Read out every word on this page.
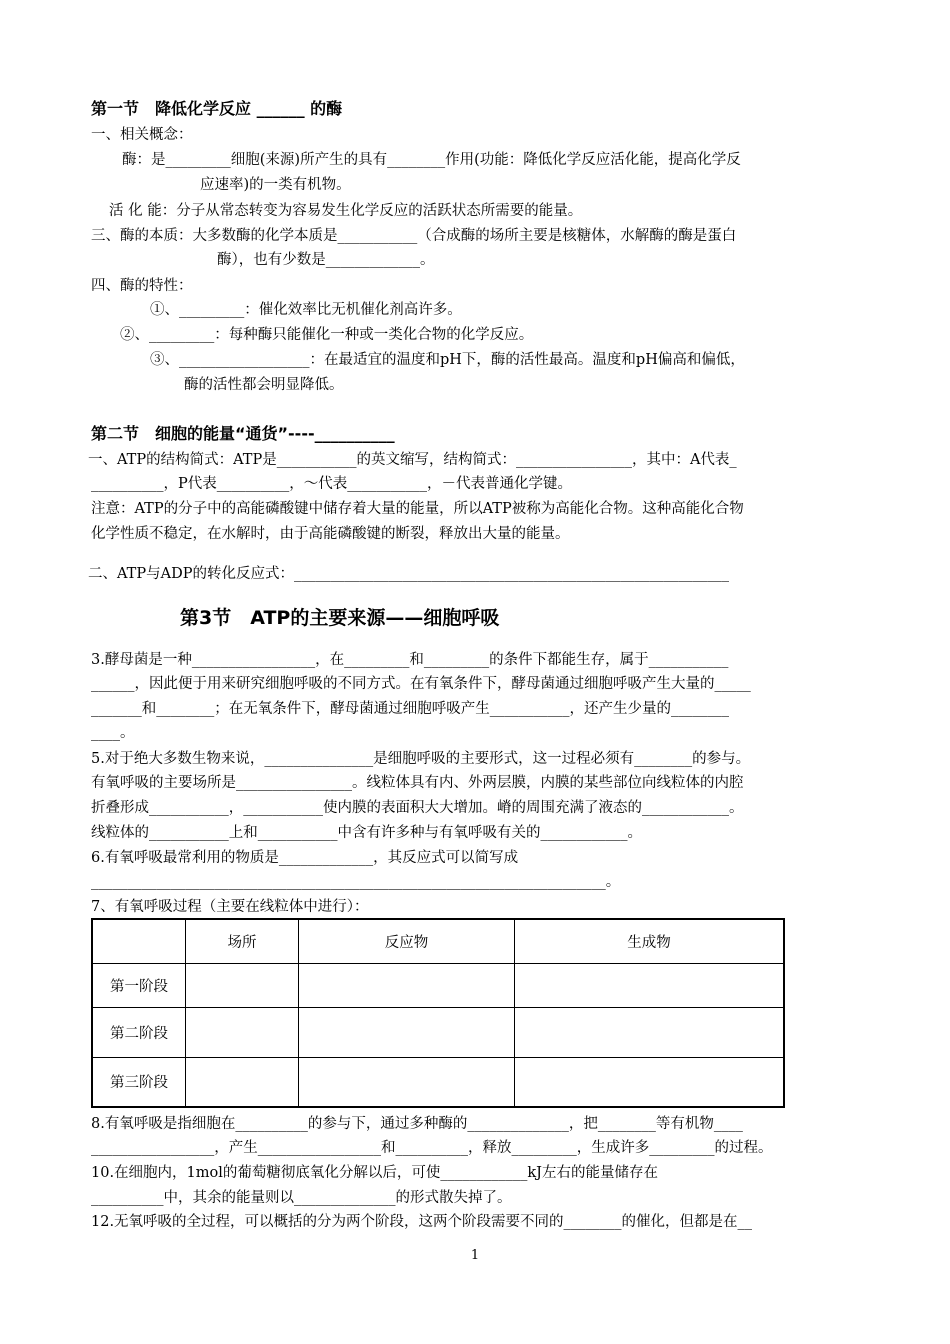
第一节　降低化学反应 ______ 的酶
一、相关概念：
酶：是_________细胞(来源)所产生的具有________作用(功能：降低化学反应活化能，提高化学反
应速率)的一类有机物。
活 化 能：分子从常态转变为容易发生化学反应的活跃状态所需要的能量。
三、酶的本质：大多数酶的化学本质是___________（合成酶的场所主要是核糖体，水解酶的酶是蛋白
酶），也有少数是_____________。
四、酶的特性：
①、_________：催化效率比无机催化剂高许多。
②、_________：每种酶只能催化一种或一类化合物的化学反应。
③、__________________：在最适宜的温度和pH下，酶的活性最高。温度和pH偏高和偏低，
酶的活性都会明显降低。
第二节　细胞的能量“通货”----__________
一、ATP的结构简式：ATP是___________的英文缩写，结构简式：________________，其中：A代表_
__________，P代表__________，～代表___________，－代表普通化学键。
注意：ATP的分子中的高能磷酸键中储存着大量的能量，所以ATP被称为高能化合物。这种高能化合物
化学性质不稳定，在水解时，由于高能磷酸键的断裂，释放出大量的能量。
二、ATP与ADP的转化反应式：____________________________________________________________
第3节　ATP的主要来源——细胞呼吸
3.酵母菌是一种_________________，在_________和_________的条件下都能生存，属于___________
______，因此便于用来研究细胞呼吸的不同方式。在有氧条件下，酵母菌通过细胞呼吸产生大量的_____
_______和________；在无氧条件下，酵母菌通过细胞呼吸产生___________，还产生少量的________
____。
5.对于绝大多数生物来说，_______________是细胞呼吸的主要形式，这一过程必须有________的参与。
有氧呼吸的主要场所是________________。线粒体具有内、外两层膜，内膜的某些部位向线粒体的内腔
折叠形成___________，___________使内膜的表面积大大增加。嵴的周围充满了液态的____________。
线粒体的___________上和___________中含有许多种与有氧呼吸有关的____________。
6.有氧呼吸最常利用的物质是_____________，其反应式可以简写成
_______________________________________________________________________。
7、有氧呼吸过程（主要在线粒体中进行）：
	场所	反应物	生成物
第一阶段			
第二阶段			
第三阶段			
8.有氧呼吸是指细胞在__________的参与下，通过多种酶的______________，把________等有机物____
_________________，产生_________________和__________，释放_________，生成许多_________的过程。
10.在细胞内，1mol的葡萄糖彻底氧化分解以后，可使____________kJ左右的能量储存在
__________中，其余的能量则以______________的形式散失掉了。
12.无氧呼吸的全过程，可以概括的分为两个阶段，这两个阶段需要不同的________的催化，但都是在__
1
